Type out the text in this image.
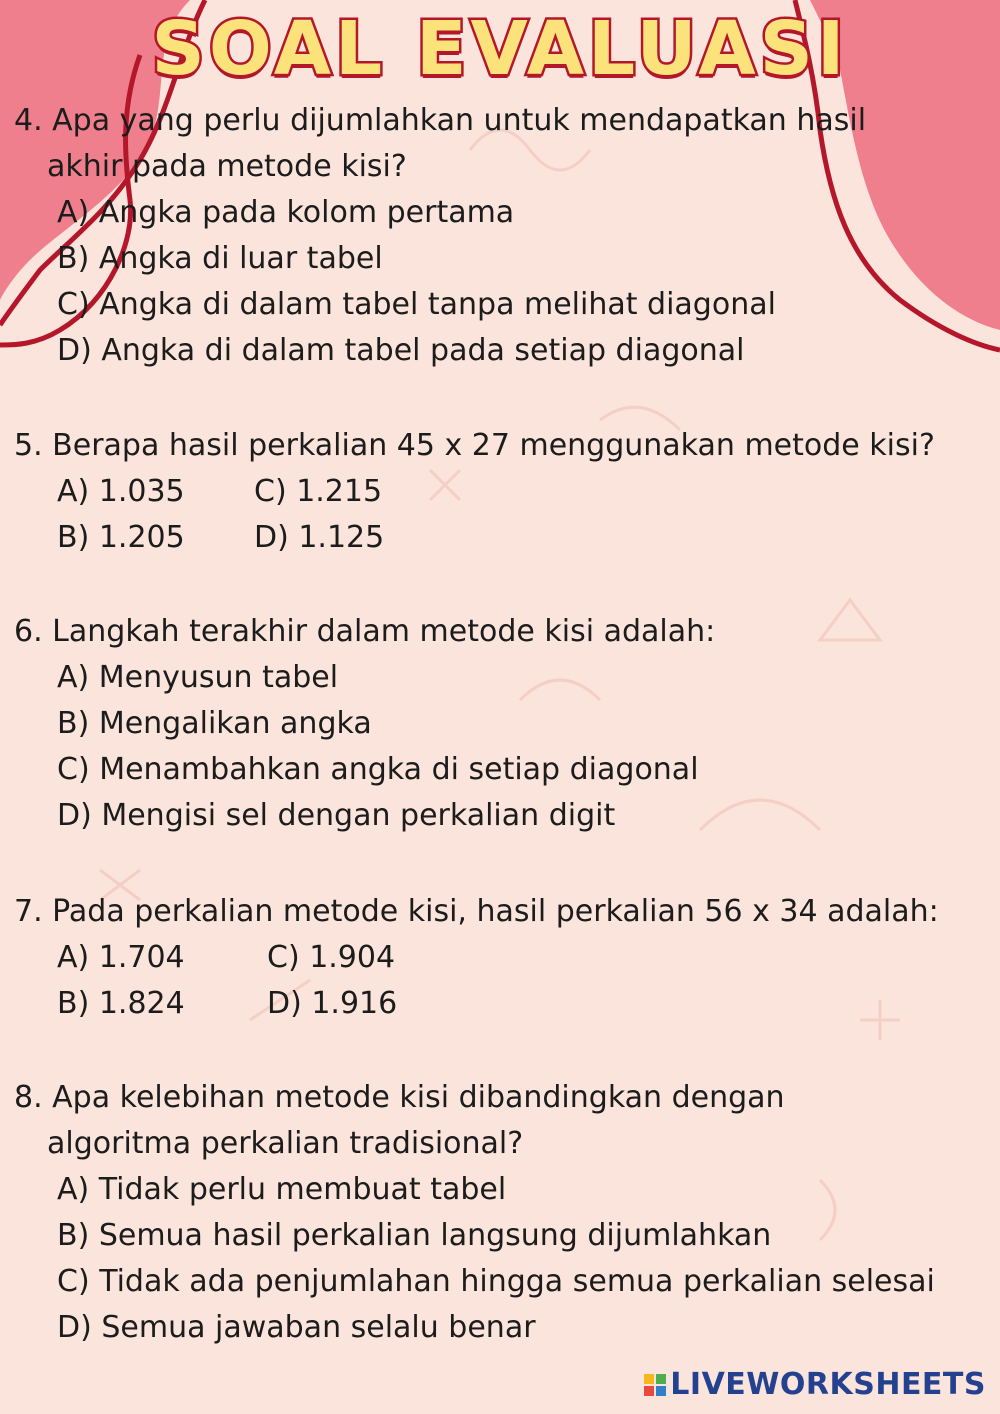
SOAL EVALUASI
4. Apa yang perlu dijumlahkan untuk mendapatkan hasil
akhir pada metode kisi?
A) Angka pada kolom pertama
B) Angka di luar tabel
C) Angka di dalam tabel tanpa melihat diagonal
D) Angka di dalam tabel pada setiap diagonal
5. Berapa hasil perkalian 45 x 27 menggunakan metode kisi?
A) 1.035 C) 1.215
B) 1.205 D) 1.125
6. Langkah terakhir dalam metode kisi adalah:
A) Menyusun tabel
B) Mengalikan angka
C) Menambahkan angka di setiap diagonal
D) Mengisi sel dengan perkalian digit
7. Pada perkalian metode kisi, hasil perkalian 56 x 34 adalah:
A) 1.704	C) 1.904
B) 1.824	D) 1.916
8. Apa kelebihan metode kisi dibandingkan dengan
algoritma perkalian tradisional?
A) Tidak perlu membuat tabel
B) Semua hasil perkalian langsung dijumlahkan
C) Tidak ada penjumlahan hingga semua perkalian selesai
D) Semua jawaban selalu benar
LIVEWORKSHEETS
